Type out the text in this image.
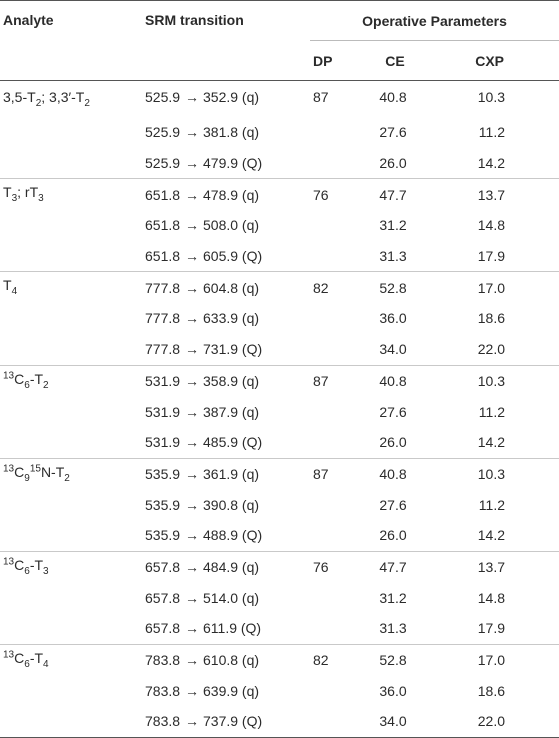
Analyte	SRM transition	Operative Parameters		
		DP	CE	CXP
$3,5-T_2$; $3,3'-T_2$	525.9 → 352.9 (q)	87	40.8	10.3
	525.9 → 381.8 (q)		27.6	11.2
	525.9 → 479.9 (Q)		26.0	14.2
$T_3$; $rT_3$	651.8 → 478.9 (q)	76	47.7	13.7
	651.8 → 508.0 (q)		31.2	14.8
	651.8 → 605.9 (Q)		31.3	17.9
$T_4$	777.8 → 604.8 (q)	82	52.8	17.0
	777.8 → 633.9 (q)		36.0	18.6
	777.8 → 731.9 (Q)		34.0	22.0
$^{13}C_6-T_2$	531.9 → 358.9 (q)	87	40.8	10.3
	531.9 → 387.9 (q)		27.6	11.2
	531.9 → 485.9 (Q)		26.0	14.2
$^{13}C_9^{15}N-T_2$	535.9 → 361.9 (q)	87	40.8	10.3
	535.9 → 390.8 (q)		27.6	11.2
	535.9 → 488.9 (Q)		26.0	14.2
$^{13}C_6-T_3$	657.8 → 484.9 (q)	76	47.7	13.7
	657.8 → 514.0 (q)		31.2	14.8
	657.8 → 611.9 (Q)		31.3	17.9
$^{13}C_6-T_4$	783.8 → 610.8 (q)	82	52.8	17.0
	783.8 → 639.9 (q)		36.0	18.6
	783.8 → 737.9 (Q)		34.0	22.0
